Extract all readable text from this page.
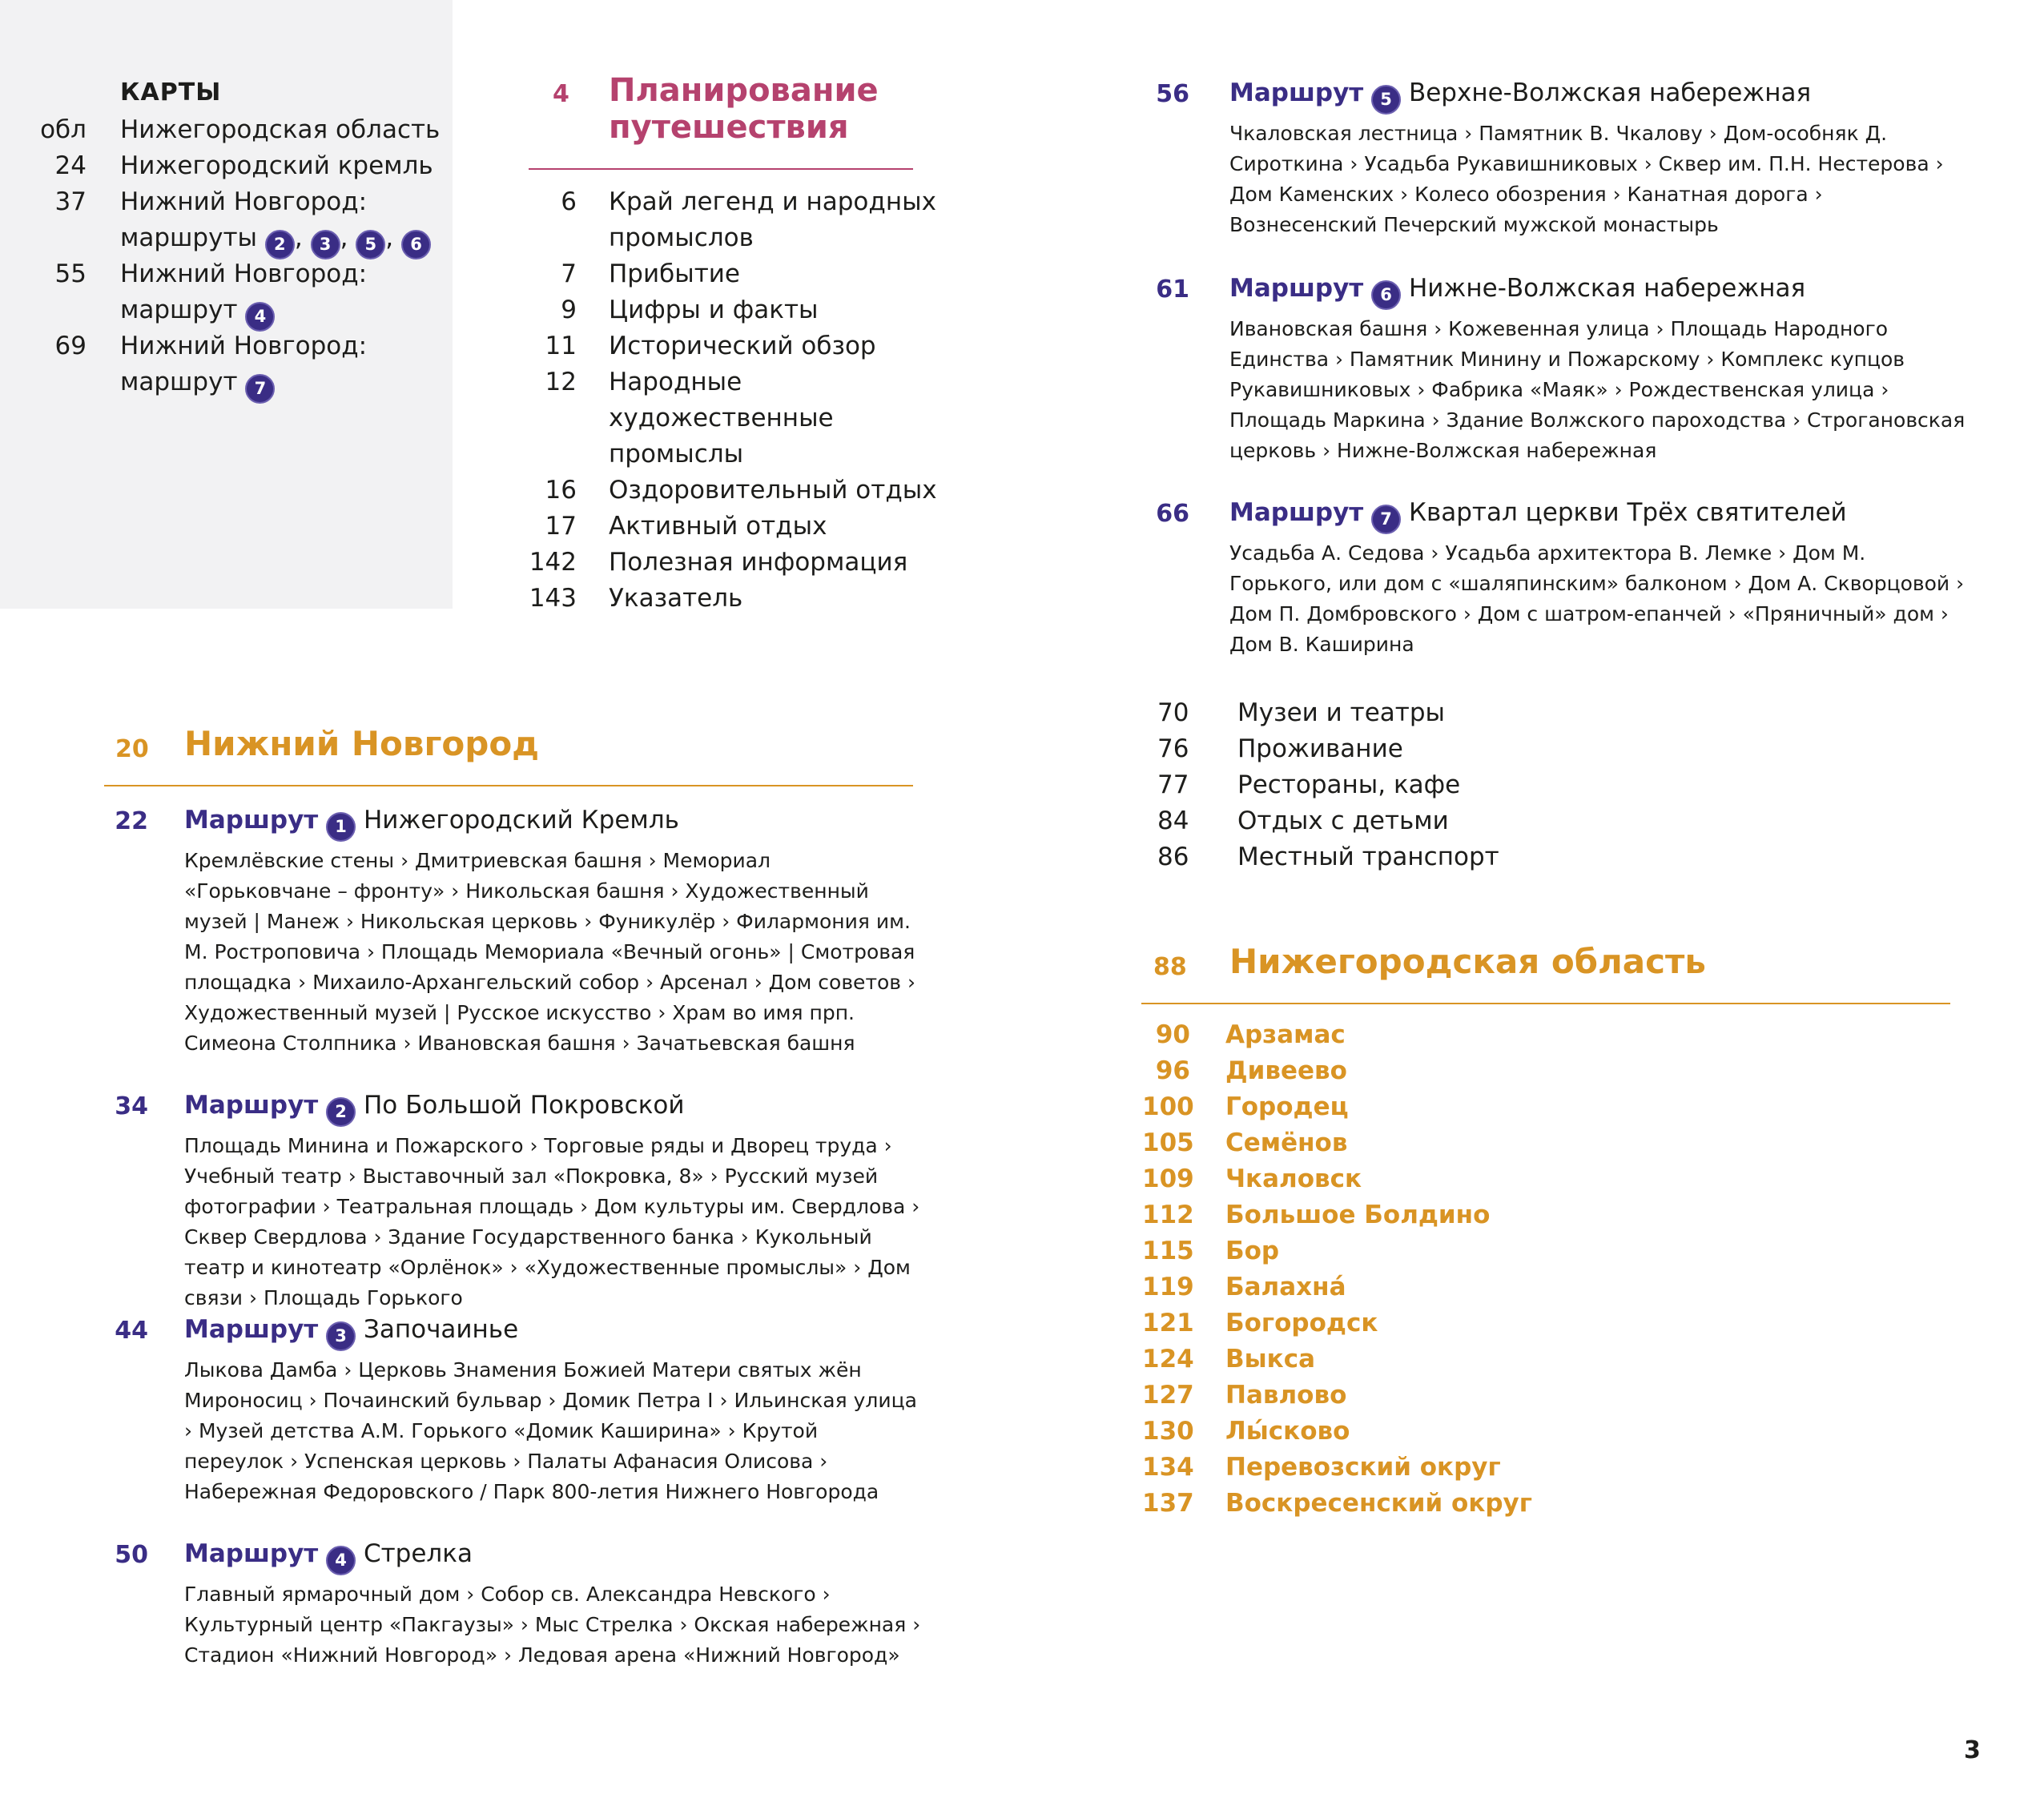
КАРТЫ
обл Нижегородская область
24 Нижегородский кремль
37 Нижний Новгород:
маршруты 2 , 3 , 5 , 6
55 Нижний Новгород:
маршрут 4
69 Нижний Новгород:
маршрут 7
4 Планирование путешествия
6 Край легенд и народных промыслов
7 Прибытие
9 Цифры и факты
11 Исторический обзор
12 Народные художественные промыслы
16 Оздоровительный отдых
17 Активный отдых
142 Полезная информация
143 Указатель
20 Нижний Новгород
22 Маршрут 1 Нижегородский Кремль
Кремлёвские стены › Дмитриевская башня › Мемориал «Горьковчане – фронту» › Никольская башня › Художественный музей | Манеж › Никольская церковь › Фуникулёр › Филармония им. М. Ростроповича › Площадь Мемориала «Вечный огонь» | Смотровая площадка › Михаило-Архангельский собор › Арсенал › Дом советов › Художественный музей | Русское искусство › Храм во имя прп. Симеона Столпника › Ивановская башня › Зачатьевская башня
34 Маршрут 2 По Большой Покровской
Площадь Минина и Пожарского › Торговые ряды и Дворец труда › Учебный театр › Выставочный зал «Покровка, 8» › Русский музей фотографии › Театральная площадь › Дом культуры им. Свердлова › Сквер Свердлова › Здание Государственного банка › Кукольный театр и кинотеатр «Орлёнок» › «Художественные промыслы» › Дом связи › Площадь Горького
44 Маршрут 3 Започаинье
Лыкова Дамба › Церковь Знамения Божией Матери святых жён Мироносиц › Почаинский бульвар › Домик Петра I › Ильинская улица › Музей детства А.М. Горького «Домик Каширина» › Крутой переулок › Успенская церковь › Палаты Афанасия Олисова › Набережная Федоровского / Парк 800-летия Нижнего Новгорода
50 Маршрут 4 Стрелка
Главный ярмарочный дом › Собор св. Александра Невского › Культурный центр «Пакгаузы» › Мыс Стрелка › Окская набережная › Стадион «Нижний Новгород» › Ледовая арена «Нижний Новгород»
56 Маршрут 5 Верхне-Волжская набережная
Чкаловская лестница › Памятник В. Чкалову › Дом-особняк Д. Сироткина › Усадьба Рукавишниковых › Сквер им. П.Н. Нестерова › Дом Каменских › Колесо обозрения › Канатная дорога › Вознесенский Печерский мужской монастырь
61 Маршрут 6 Нижне-Волжская набережная
Ивановская башня › Кожевенная улица › Площадь Народного Единства › Памятник Минину и Пожарскому › Комплекс купцов Рукавишниковых › Фабрика «Маяк» › Рождественская улица › Площадь Маркина › Здание Волжского пароходства › Строгановская церковь › Нижне-Волжская набережная
66 Маршрут 7 Квартал церкви Трёх святителей
Усадьба А. Седова › Усадьба архитектора В. Лемке › Дом М. Горького, или дом с «шаляпинским» балконом › Дом А. Скворцовой › Дом П. Домбровского › Дом с шатром-епанчей › «Пряничный» дом › Дом В. Каширина
70	Музеи и театры
76	Проживание
77	Рестораны, кафе
84	Отдых с детьми
86	Местный транспорт
88 Нижегородская область
90 Арзамас
96 Дивеево
100 Городец
105 Семёнов
109 Чкаловск
112 Большое Болдино
115 Бор
119 Балахна́
121 Богородск
124 Выкса
127 Павлово
130 Лы́сково
134 Перевозский округ
137 Воскресенский округ
3
